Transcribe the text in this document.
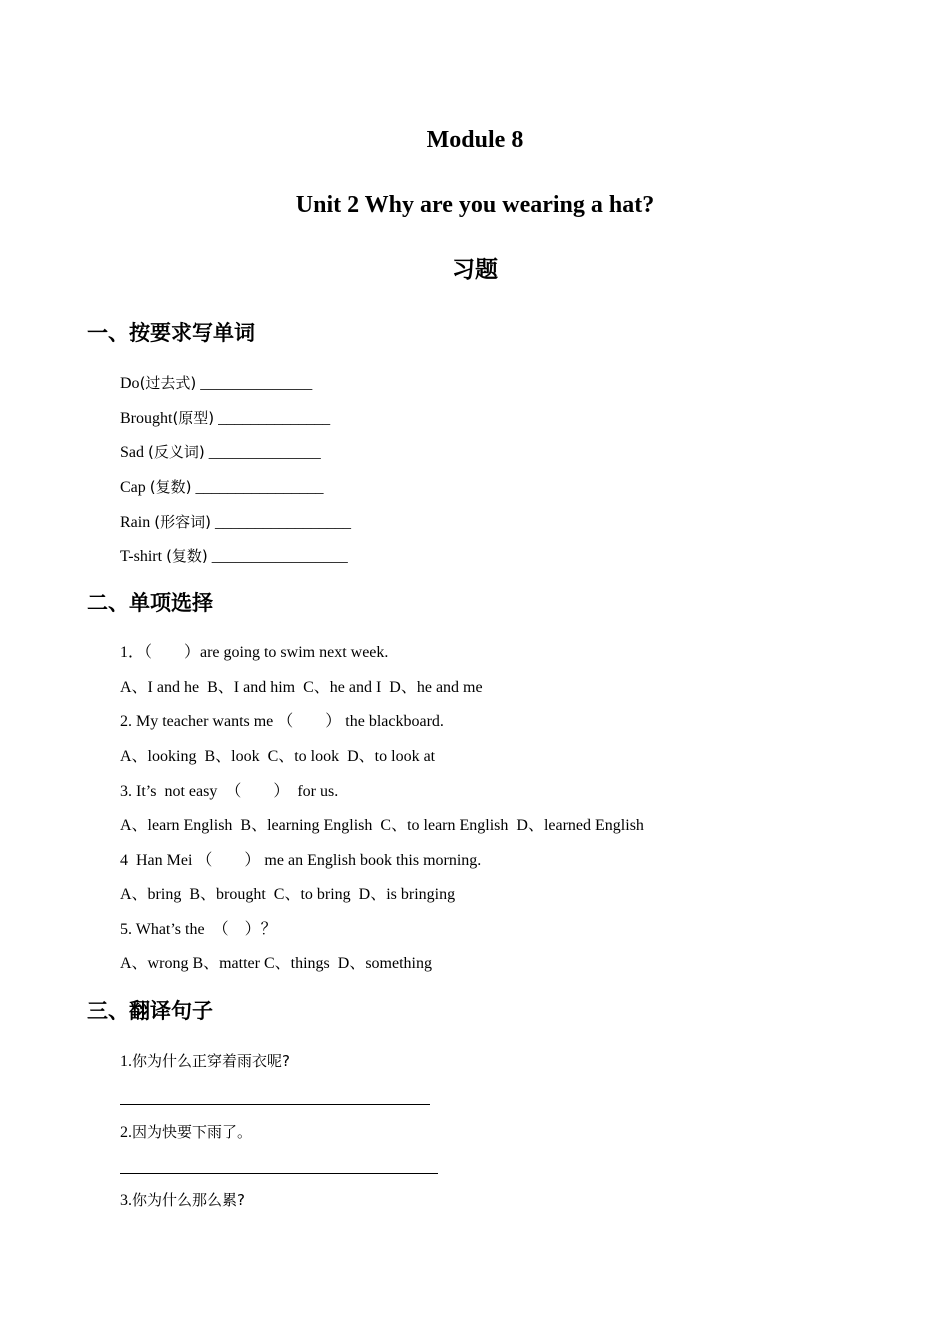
Module 8
Unit 2 Why are you wearing a hat?
习题
一、按要求写单词
Do(过去式) ______________
Brought(原型) ______________
Sad (反义词) ______________
Cap (复数) ________________
Rain (形容词) _________________
T-shirt (复数) _________________
二、单项选择
1．（　　）are going to swim next week.
A、I and he  B、I and him  C、he and I  D、he and me
2. My teacher wants me （　　） the blackboard.
A、looking  B、look  C、to look  D、to look at
3. It’s  not easy　（　　）  for us.
A、learn English  B、learning English  C、to learn English  D、learned English
4  Han Mei （　　） me an English book this morning.
A、bring  B、brought  C、to bring  D、is bringing
5. What’s the　（　）？
A、wrong B、matter C、things  D、something
三、翻译句子
1.你为什么正穿着雨衣呢?
2.因为快要下雨了。
3.你为什么那么累?
